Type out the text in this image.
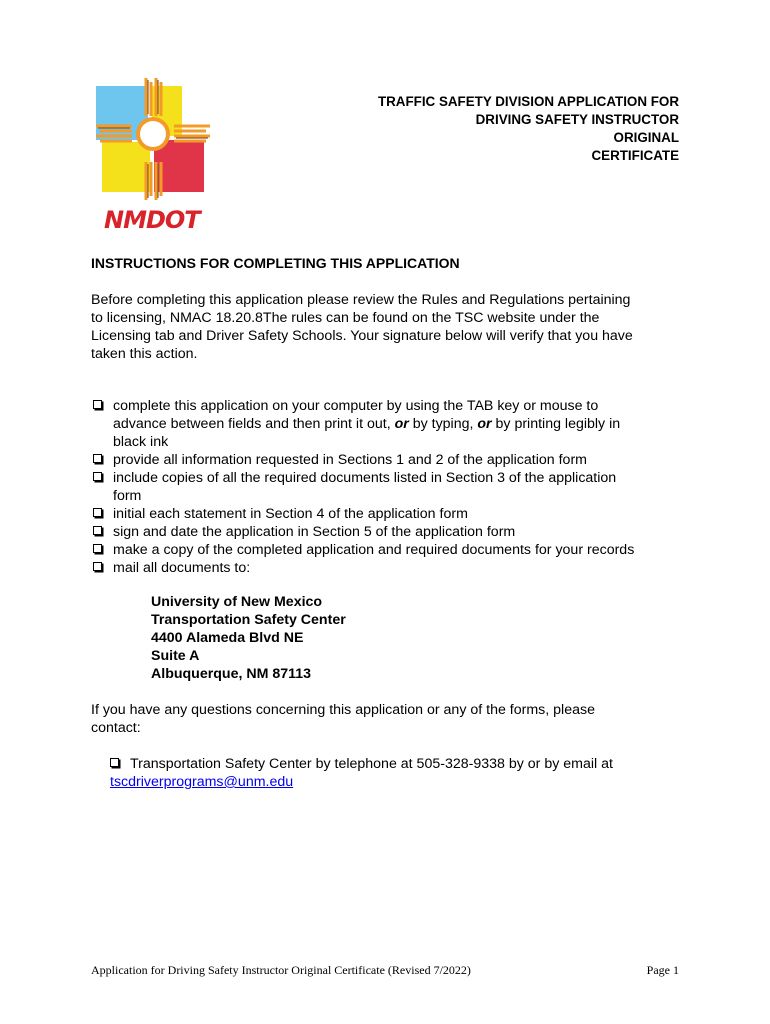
NMDOT
TRAFFIC SAFETY DIVISION APPLICATION FOR
DRIVING SAFETY INSTRUCTOR
ORIGINAL
CERTIFICATE
INSTRUCTIONS FOR COMPLETING THIS APPLICATION
Before completing this application please review the Rules and Regulations pertaining
to licensing, NMAC 18.20.8The rules can be found on the TSC website under the
Licensing tab and Driver Safety Schools. Your signature below will verify that you have
taken this action.
complete this application on your computer by using the TAB key or mouse to
advance between fields and then print it out, or by typing, or by printing legibly in
black ink
provide all information requested in Sections 1 and 2 of the application form
include copies of all the required documents listed in Section 3 of the application
form
initial each statement in Section 4 of the application form
sign and date the application in Section 5 of the application form
make a copy of the completed application and required documents for your records
mail all documents to:
University of New Mexico
Transportation Safety Center
4400 Alameda Blvd NE
Suite A
Albuquerque, NM 87113
If you have any questions concerning this application or any of the forms, please
contact:
Transportation Safety Center by telephone at 505-328-9338 by or by email at
tscdriverprograms@unm.edu
Application for Driving Safety Instructor Original Certificate (Revised 7/2022)	Page 1
